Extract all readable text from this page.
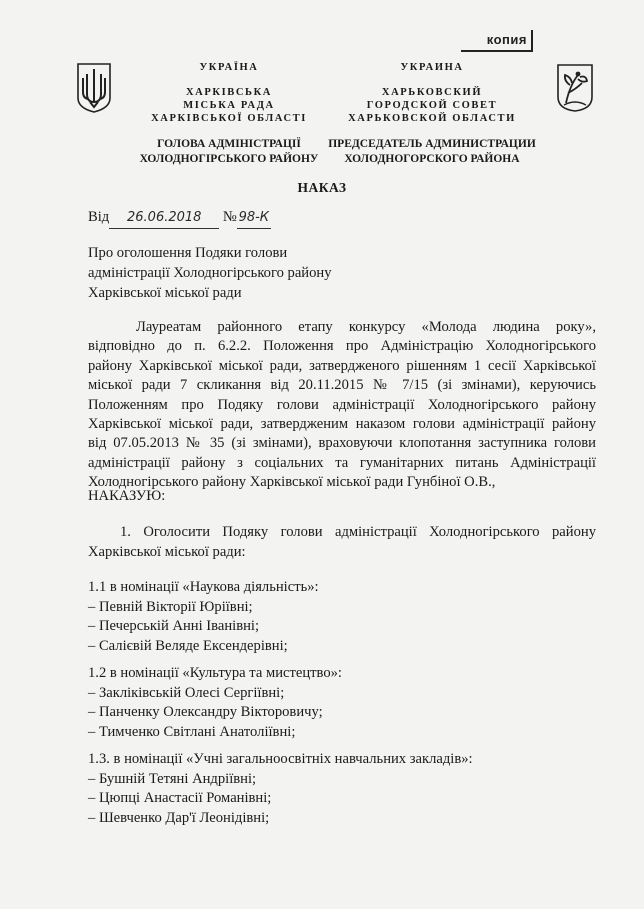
копия
УКРАЇНА
ХАРКІВСЬКА
МІСЬКА РАДА
ХАРКІВСЬКОЇ ОБЛАСТІ
ГОЛОВА АДМІНІСТРАЦІЇ
ХОЛОДНОГІРСЬКОГО РАЙОНУ
УКРАИНА
ХАРЬКОВСКИЙ
ГОРОДСКОЙ СОВЕТ
ХАРЬКОВСКОЙ ОБЛАСТИ
ПРЕДСЕДАТЕЛЬ АДМИНИСТРАЦИИ
ХОЛОДНОГОРСКОГО РАЙОНА
НАКАЗ
Від 26.06.2018 № 98-К
Про оголошення Подяки голови
адміністрації Холодногірського району
Харківської міської ради
Лауреатам районного етапу конкурсу «Молода людина року»,
відповідно до п. 6.2.2. Положення про Адміністрацію Холодногірського
району Харківської міської ради, затвердженого рішенням 1 сесії Харківської
міської ради 7 скликання від 20.11.2015 № 7/15 (зі змінами), керуючись
Положенням про Подяку голови адміністрації Холодногірського району
Харківської міської ради, затвердженим наказом голови адміністрації району
від 07.05.2013 № 35 (зі змінами), враховуючи клопотання заступника голови
адміністрації району з соціальних та гуманітарних питань Адміністрації
Холодногірського району Харківської міської ради Гунбіної О.В.,
НАКАЗУЮ:
1. Оголосити Подяку голови адміністрації Холодногірського району
Харківської міської ради:
1.1 в номінації «Наукова діяльність»:
– Певній Вікторії Юріївні;
– Печерській Анні Іванівні;
– Салієвій Веляде Ексендерівні;
1.2 в номінації «Культура та мистецтво»:
– Закліківській Олесі Сергіївні;
– Панченку Олександру Вікторовичу;
– Тимченко Світлані Анатоліївні;
1.3. в номінації «Учні загальноосвітніх навчальних закладів»:
– Бушній Тетяні Андріївні;
– Цюпці Анастасії Романівні;
– Шевченко Дар'ї Леонідівні;
